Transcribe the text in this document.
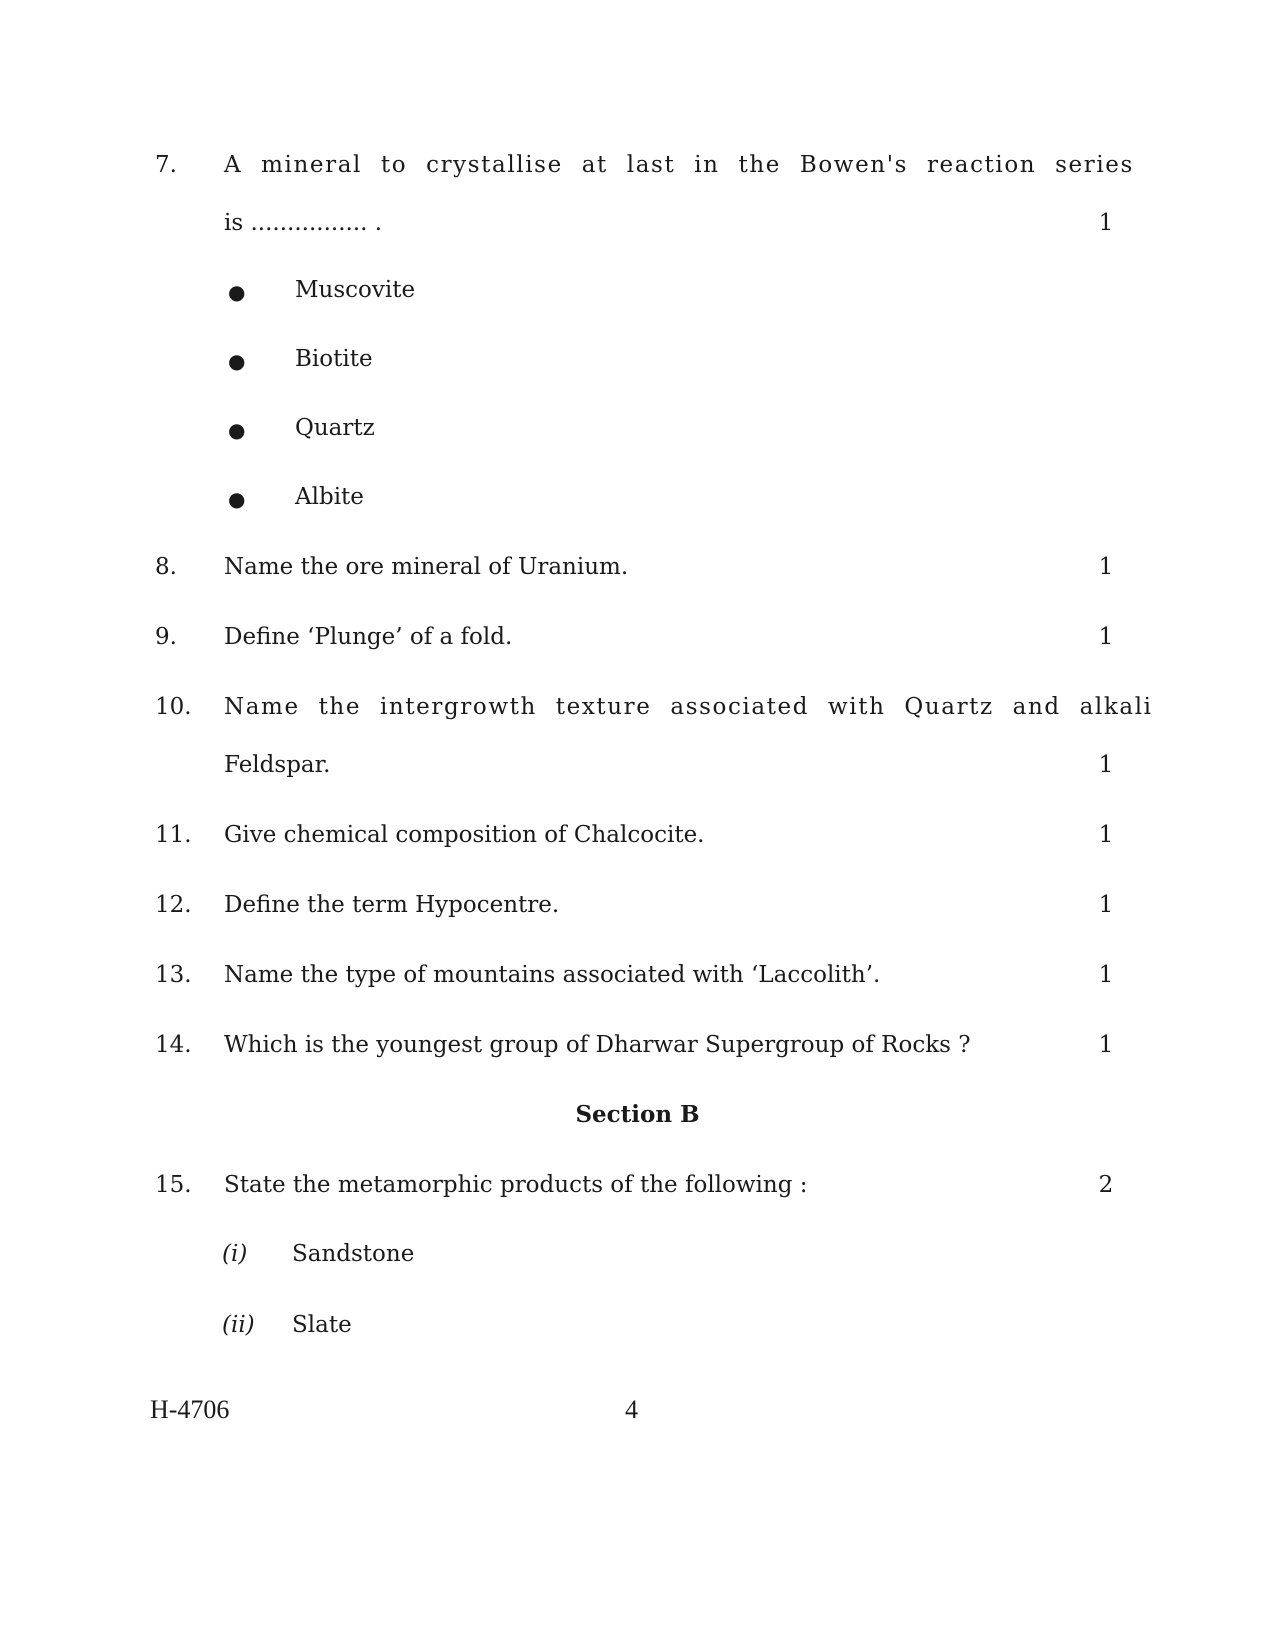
7. A mineral to crystallise at last in the Bowen's reaction series
is ................ .	1
● Muscovite
● Biotite
● Quartz
● Albite
8. Name the ore mineral of Uranium.	1
9. Define ‘Plunge’ of a fold.	1
10. Name the intergrowth texture associated with Quartz and alkali
Feldspar.	1
11. Give chemical composition of Chalcocite.	1
12. Define the term Hypocentre.	1
13. Name the type of mountains associated with ‘Laccolith’.	1
14. Which is the youngest group of Dharwar Supergroup of Rocks ?	1
Section B
15. State the metamorphic products of the following :	2
(i) Sandstone
(ii) Slate
H-4706	4
